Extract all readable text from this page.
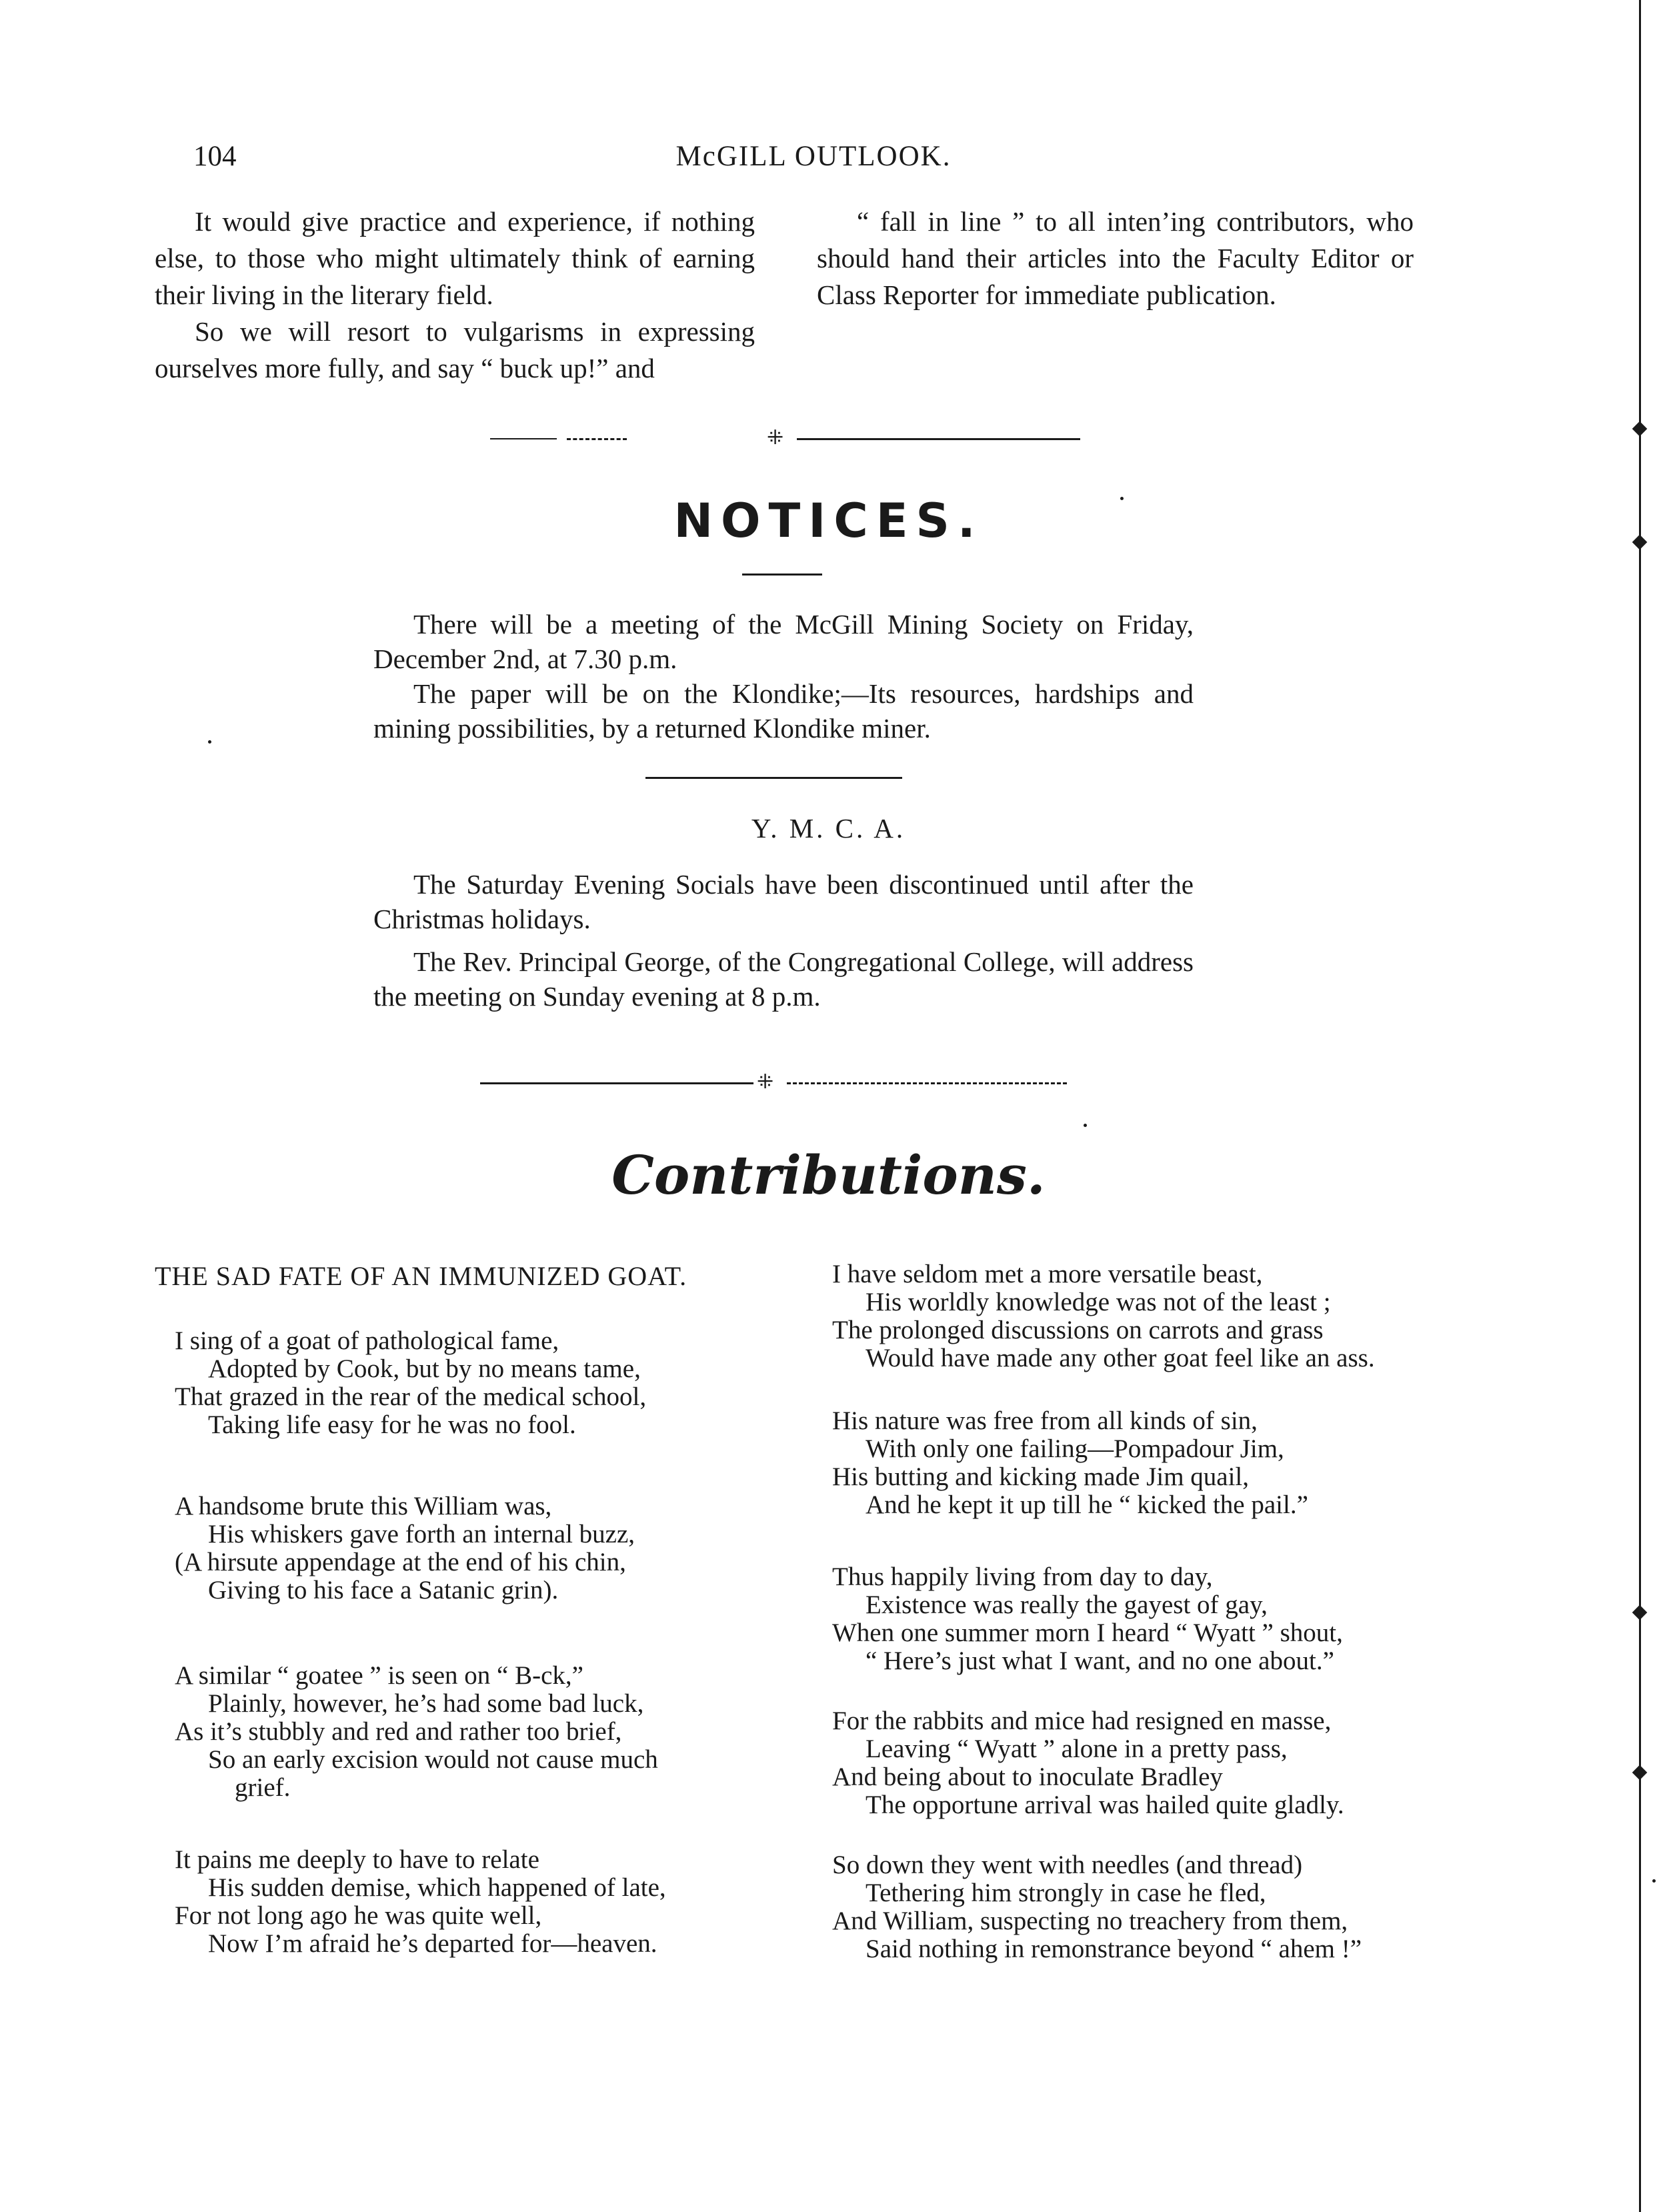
104	McGILL OUTLOOK.

It would give practice and experience, if nothing else, to those who might ultimately think of earning their living in the literary field.

So we will resort to vulgarisms in expressing ourselves more fully, and say “ buck up!” and

“ fall in line ” to all inten’ing contributors, who should hand their articles into the Faculty Editor or Class Reporter for immediate publication.

⁜
NOTICES.

There will be a meeting of the McGill Mining Society on Friday, December 2nd, at 7.30 p.m.

The paper will be on the Klondike;—Its resources, hardships and mining possibilities, by a returned Klondike miner.

Y. M. C. A.

The Saturday Evening Socials have been discontinued until after the Christmas holidays.

The Rev. Principal George, of the Congregational College, will address the meeting on Sunday evening at 8 p.m.

⁜
Contributions.
THE SAD FATE OF AN IMMUNIZED GOAT.
I sing of a goat of pathological fame,
Adopted by Cook, but by no means tame,
That grazed in the rear of the medical school,
Taking life easy for he was no fool.
A handsome brute this William was,
His whiskers gave forth an internal buzz,
(A hirsute appendage at the end of his chin,
Giving to his face a Satanic grin).
A similar “ goatee ” is seen on “ B-ck,”
Plainly, however, he’s had some bad luck,
As it’s stubbly and red and rather too brief,
So an early excision would not cause much
grief.
It pains me deeply to have to relate
His sudden demise, which happened of late,
For not long ago he was quite well,
Now I’m afraid he’s departed for—heaven.
I have seldom met a more versatile beast,
His worldly knowledge was not of the least ;
The prolonged discussions on carrots and grass
Would have made any other goat feel like an ass.
His nature was free from all kinds of sin,
With only one failing—Pompadour Jim,
His butting and kicking made Jim quail,
And he kept it up till he “ kicked the pail.”
Thus happily living from day to day,
Existence was really the gayest of gay,
When one summer morn I heard “ Wyatt ” shout,
“ Here’s just what I want, and no one about.”
For the rabbits and mice had resigned en masse,
Leaving “ Wyatt ” alone in a pretty pass,
And being about to inoculate Bradley
The opportune arrival was hailed quite gladly.
So down they went with needles (and thread)
Tethering him strongly in case he fled,
And William, suspecting no treachery from them,
Said nothing in remonstrance beyond “ ahem !”
